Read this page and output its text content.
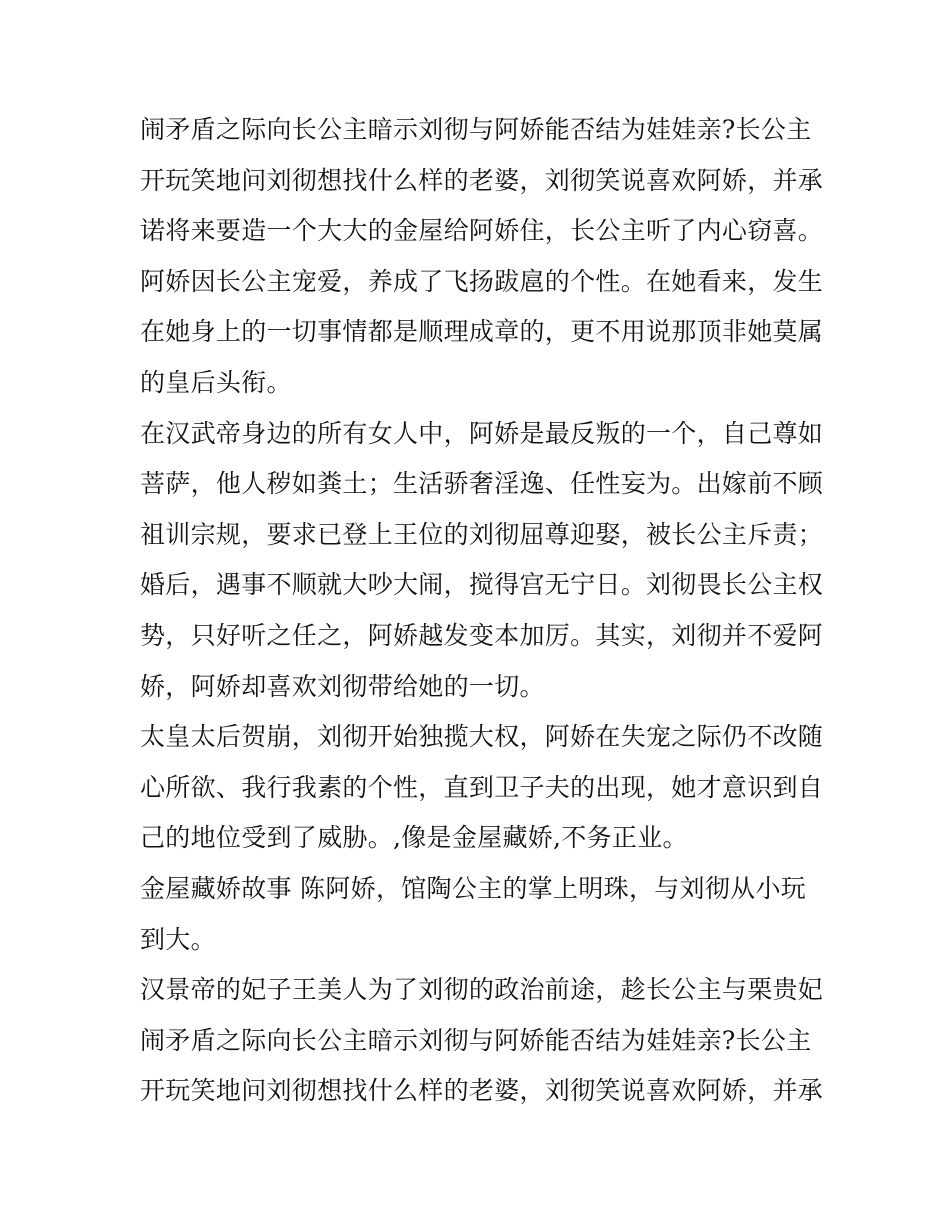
闹矛盾之际向长公主暗示刘彻与阿娇能否结为娃娃亲?长公主
开玩笑地问刘彻想找什么样的老婆，刘彻笑说喜欢阿娇，并承
诺将来要造一个大大的金屋给阿娇住，长公主听了内心窃喜。
阿娇因长公主宠爱，养成了飞扬跋扈的个性。在她看来，发生
在她身上的一切事情都是顺理成章的，更不用说那顶非她莫属
的皇后头衔。
在汉武帝身边的所有女人中，阿娇是最反叛的一个，自己尊如
菩萨，他人秽如粪土；生活骄奢淫逸、任性妄为。出嫁前不顾
祖训宗规，要求已登上王位的刘彻屈尊迎娶，被长公主斥责；
婚后，遇事不顺就大吵大闹，搅得宫无宁日。刘彻畏长公主权
势，只好听之任之，阿娇越发变本加厉。其实，刘彻并不爱阿
娇，阿娇却喜欢刘彻带给她的一切。
太皇太后贺崩，刘彻开始独揽大权，阿娇在失宠之际仍不改随
心所欲、我行我素的个性，直到卫子夫的出现，她才意识到自
己的地位受到了威胁。,像是金屋藏娇,不务正业。
金屋藏娇故事 陈阿娇，馆陶公主的掌上明珠，与刘彻从小玩
到大。
汉景帝的妃子王美人为了刘彻的政治前途，趁长公主与栗贵妃
闹矛盾之际向长公主暗示刘彻与阿娇能否结为娃娃亲?长公主
开玩笑地问刘彻想找什么样的老婆，刘彻笑说喜欢阿娇，并承
